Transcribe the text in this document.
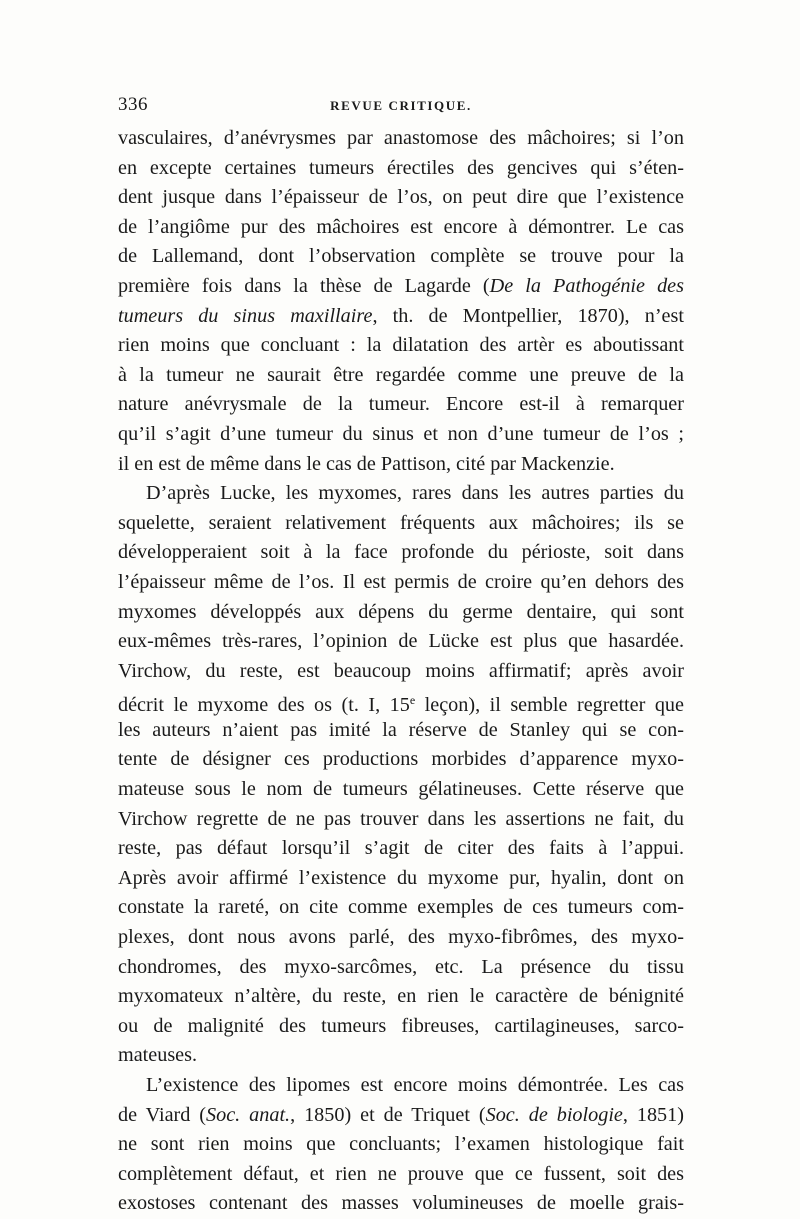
336	REVUE CRITIQUE.
vasculaires, d’anévrysmes par anastomose des mâchoires; si l’on
en excepte certaines tumeurs érectiles des gencives qui s’éten-
dent jusque dans l’épaisseur de l’os, on peut dire que l’existence
de l’angiôme pur des mâchoires est encore à démontrer. Le cas
de Lallemand, dont l’observation complète se trouve pour la
première fois dans la thèse de Lagarde (De la Pathogénie des
tumeurs du sinus maxillaire, th. de Montpellier, 1870), n’est
rien moins que concluant : la dilatation des artèr es aboutissant
à la tumeur ne saurait être regardée comme une preuve de la
nature anévrysmale de la tumeur. Encore est-il à remarquer
qu’il s’agit d’une tumeur du sinus et non d’une tumeur de l’os ;
il en est de même dans le cas de Pattison, cité par Mackenzie.
D’après Lucke, les myxomes, rares dans les autres parties du
squelette, seraient relativement fréquents aux mâchoires; ils se
développeraient soit à la face profonde du périoste, soit dans
l’épaisseur même de l’os. Il est permis de croire qu’en dehors des
myxomes développés aux dépens du germe dentaire, qui sont
eux-mêmes très-rares, l’opinion de Lücke est plus que hasardée.
Virchow, du reste, est beaucoup moins affirmatif; après avoir
décrit le myxome des os (t. I, 15e leçon), il semble regretter que
les auteurs n’aient pas imité la réserve de Stanley qui se con-
tente de désigner ces productions morbides d’apparence myxo-
mateuse sous le nom de tumeurs gélatineuses. Cette réserve que
Virchow regrette de ne pas trouver dans les assertions ne fait, du
reste, pas défaut lorsqu’il s’agit de citer des faits à l’appui.
Après avoir affirmé l’existence du myxome pur, hyalin, dont on
constate la rareté, on cite comme exemples de ces tumeurs com-
plexes, dont nous avons parlé, des myxo-fibrômes, des myxo-
chondromes, des myxo-sarcômes, etc. La présence du tissu
myxomateux n’altère, du reste, en rien le caractère de bénignité
ou de malignité des tumeurs fibreuses, cartilagineuses, sarco-
mateuses.
L’existence des lipomes est encore moins démontrée. Les cas
de Viard (Soc. anat., 1850) et de Triquet (Soc. de biologie, 1851)
ne sont rien moins que concluants; l’examen histologique fait
complètement défaut, et rien ne prouve que ce fussent, soit des
exostoses contenant des masses volumineuses de moelle grais-
